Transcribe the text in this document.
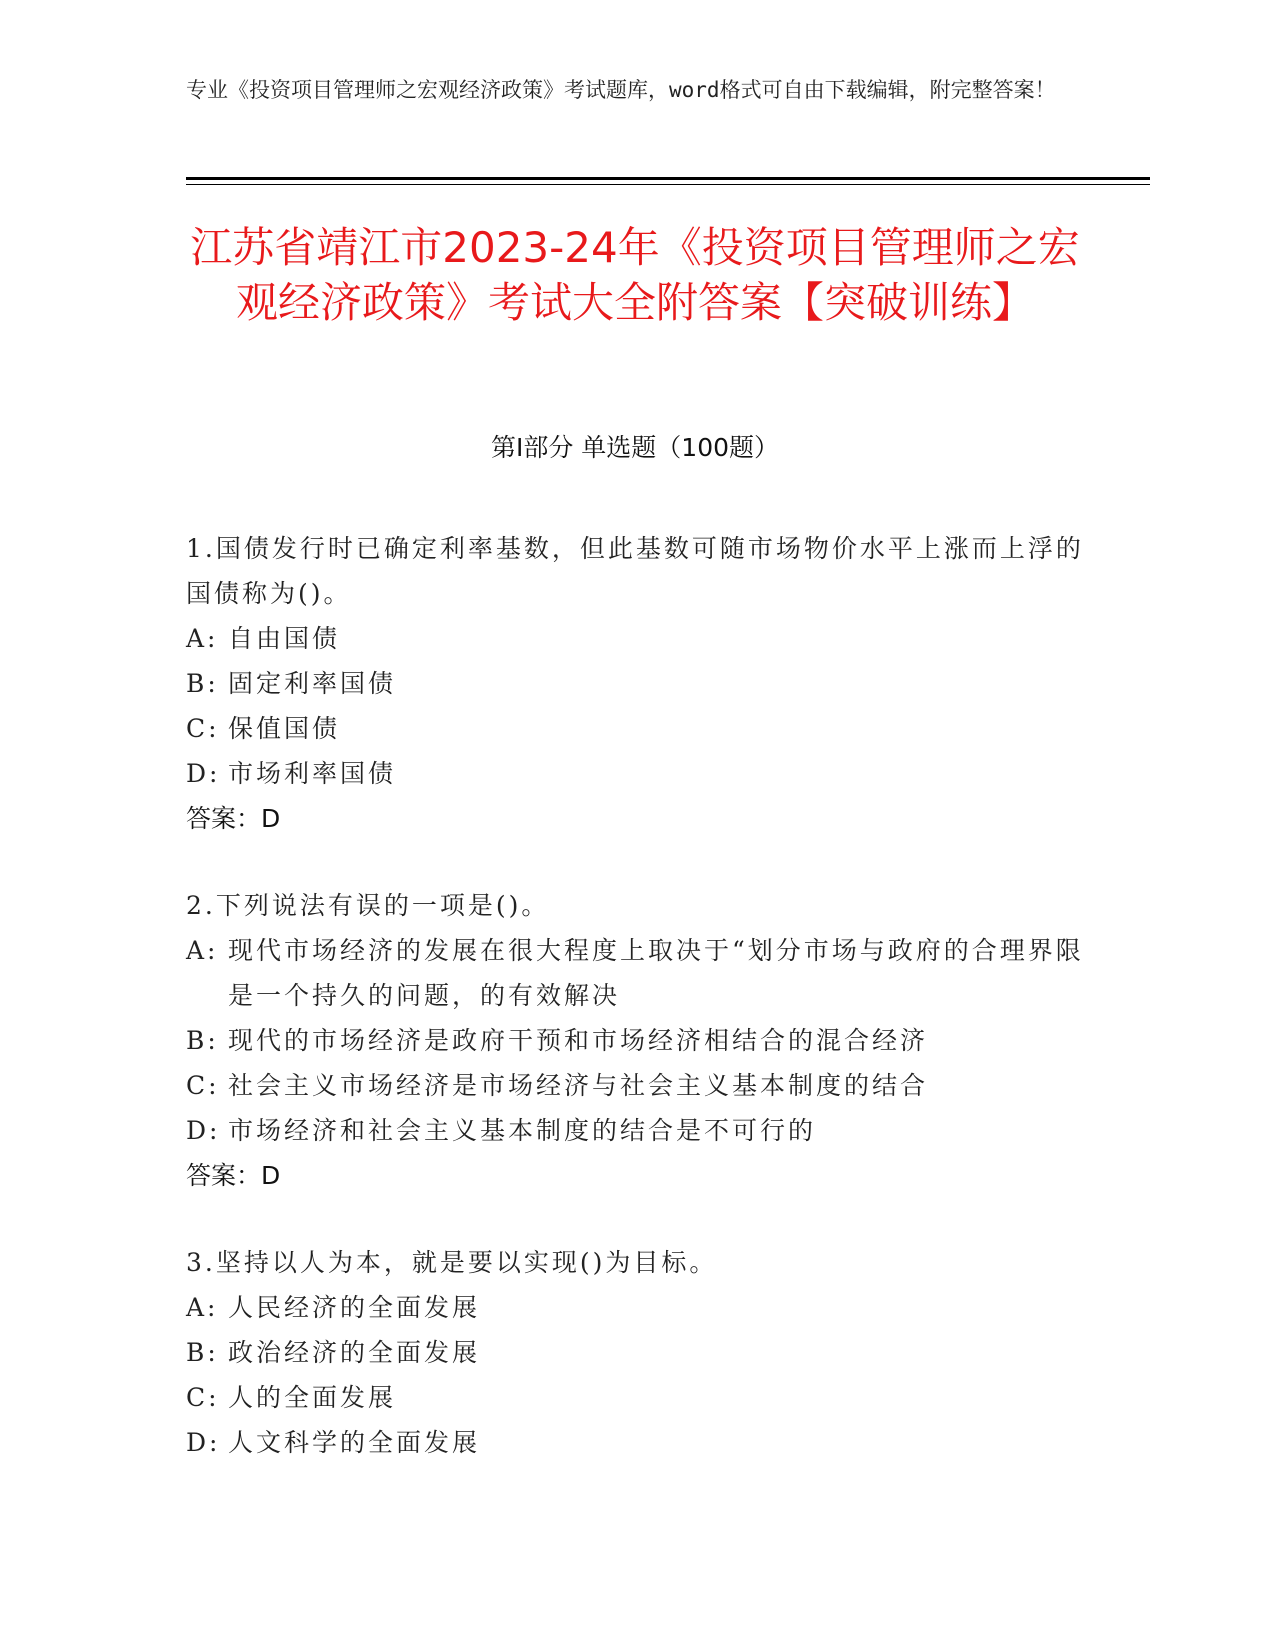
专业《投资项目管理师之宏观经济政策》考试题库，word格式可自由下载编辑，附完整答案！
江苏省靖江市2023-24年《投资项目管理师之宏观经济政策》考试大全附答案【突破训练】
第I部分 单选题（100题）
1.国债发行时已确定利率基数，但此基数可随市场物价水平上涨而上浮的国债称为()。
A: 自由国债
B: 固定利率国债
C: 保值国债
D: 市场利率国债
答案：D
2.下列说法有误的一项是()。
A: 现代市场经济的发展在很大程度上取决于“划分市场与政府的合理界限是一个持久的问题，的有效解决
B: 现代的市场经济是政府干预和市场经济相结合的混合经济
C: 社会主义市场经济是市场经济与社会主义基本制度的结合
D: 市场经济和社会主义基本制度的结合是不可行的
答案：D
3.坚持以人为本，就是要以实现()为目标。
A: 人民经济的全面发展
B: 政治经济的全面发展
C: 人的全面发展
D: 人文科学的全面发展
